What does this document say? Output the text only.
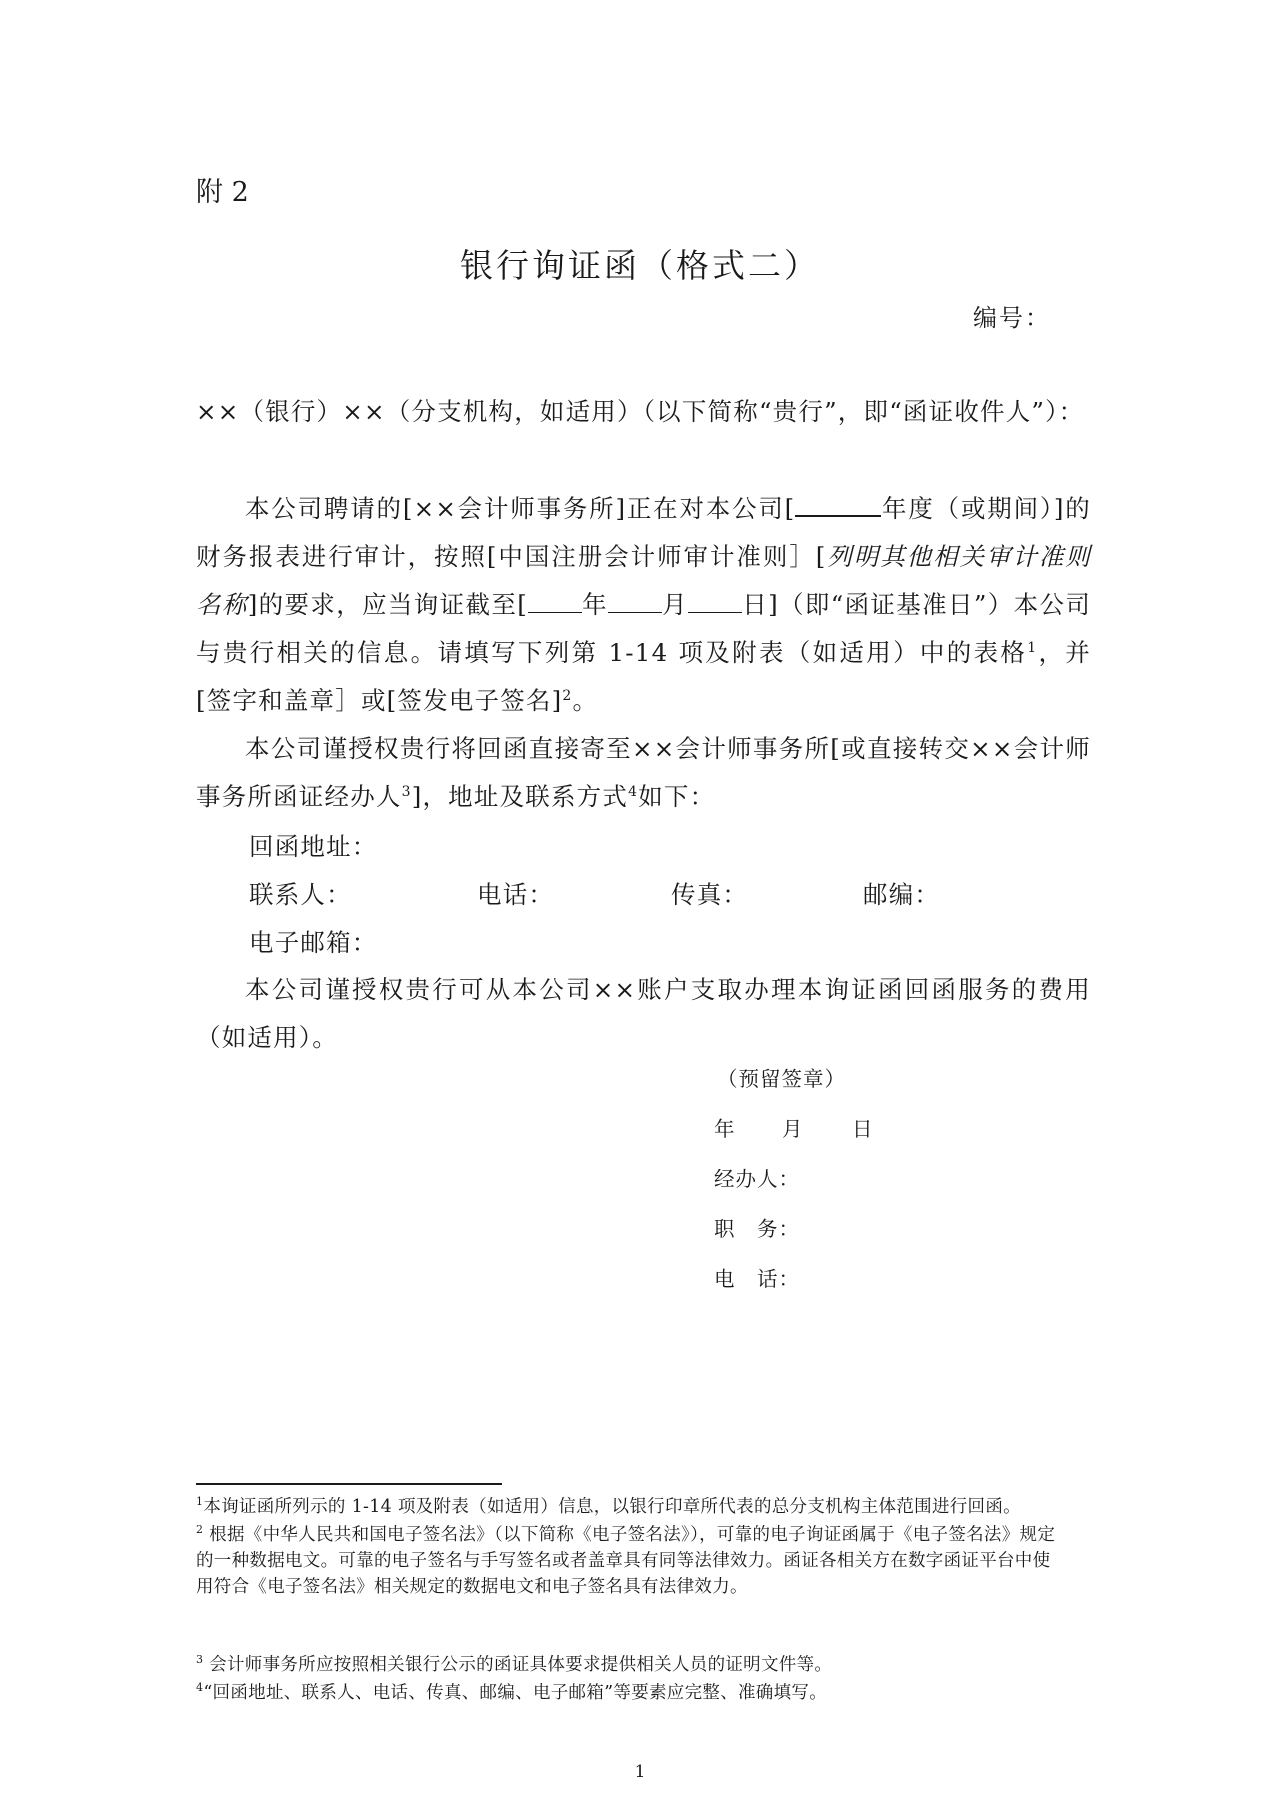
附 2
银行询证函（格式二）
编号：
××（银行）××（分支机构，如适用）（以下简称“贵行”，即“函证收件人”）：
本公司聘请的[××会计师事务所]正在对本公司[	年度（或期间）]的财务报表进行审计，按照[中国注册会计师审计准则］[列明其他相关审计准则名称]的要求，应当询证截至[ 年 月 日]（即“函证基准日”）本公司与贵行相关的信息。请填写下列第 1-14 项及附表（如适用）中的表格$^1$，并[签字和盖章］或[签发电子签名]$^2$。
本公司谨授权贵行将回函直接寄至××会计师事务所[或直接转交××会计师事务所函证经办人$^3$]，地址及联系方式$^4$如下：
回函地址：
联系人：	电话：	传真：	邮编：
电子邮箱：
本公司谨授权贵行可从本公司××账户支取办理本询证函回函服务的费用（如适用）。
（预留签章）
年 月 日
经办人：
职　务：
电　话：
$^1$本询证函所列示的 1-14 项及附表（如适用）信息，以银行印章所代表的总分支机构主体范围进行回函。
$^2$ 根据《中华人民共和国电子签名法》（以下简称《电子签名法》），可靠的电子询证函属于《电子签名法》规定的一种数据电文。可靠的电子签名与手写签名或者盖章具有同等法律效力。函证各相关方在数字函证平台中使用符合《电子签名法》相关规定的数据电文和电子签名具有法律效力。
$^3$ 会计师事务所应按照相关银行公示的函证具体要求提供相关人员的证明文件等。
$^4$“回函地址、联系人、电话、传真、邮编、电子邮箱”等要素应完整、准确填写。
1
